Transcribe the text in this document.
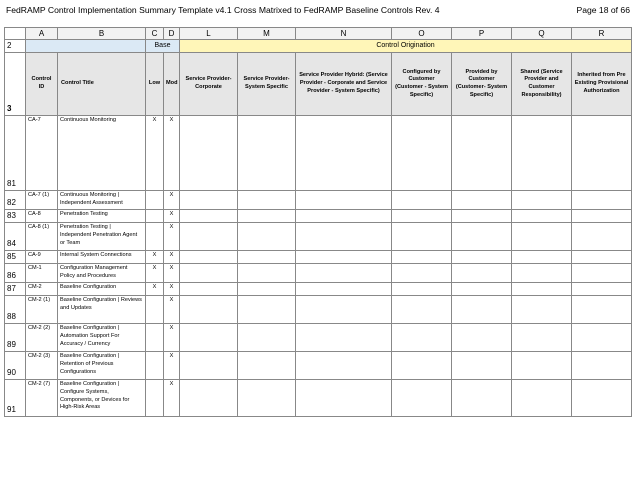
FedRAMP Control Implementation Summary Template v4.1 Cross Matrixed to FedRAMP Baseline Controls Rev. 4	Page 18 of 66
	A	B	C	D	L	M	N	O	P	Q	R
2			Base		Control Origination						
3	Control ID	Control Title	Low	Mod	Service Provider-Corporate	Service Provider-System Specific	Service Provider Hybrid: (Service Provider - Corporate and Service Provider - System Specific)	Configured by Customer (Customer - System Specific)	Provided by Customer (Customer- System Specific)	Shared (Service Provider and Customer Responsibility)	Inherited from Pre Existing Provisional Authorization
81	CA-7	Continuous Monitoring	X	X							
82	CA-7 (1)	Continuous Monitoring | Independent Assessment		X							
83	CA-8	Penetration Testing		X							
84	CA-8 (1)	Penetration Testing | Independent Penetration Agent or Team		X							
85	CA-9	Internal System Connections	X	X							
86	CM-1	Configuration Management Policy and Procedures	X	X							
87	CM-2	Baseline Configuration	X	X							
88	CM-2 (1)	Baseline Configuration | Reviews and Updates		X							
89	CM-2 (2)	Baseline Configuration | Automation Support For Accuracy / Currency		X							
90	CM-2 (3)	Baseline Configuration | Retention of Previous Configurations		X							
91	CM-2 (7)	Baseline Configuration | Configure Systems, Components, or Devices for High-Risk Areas		X							
